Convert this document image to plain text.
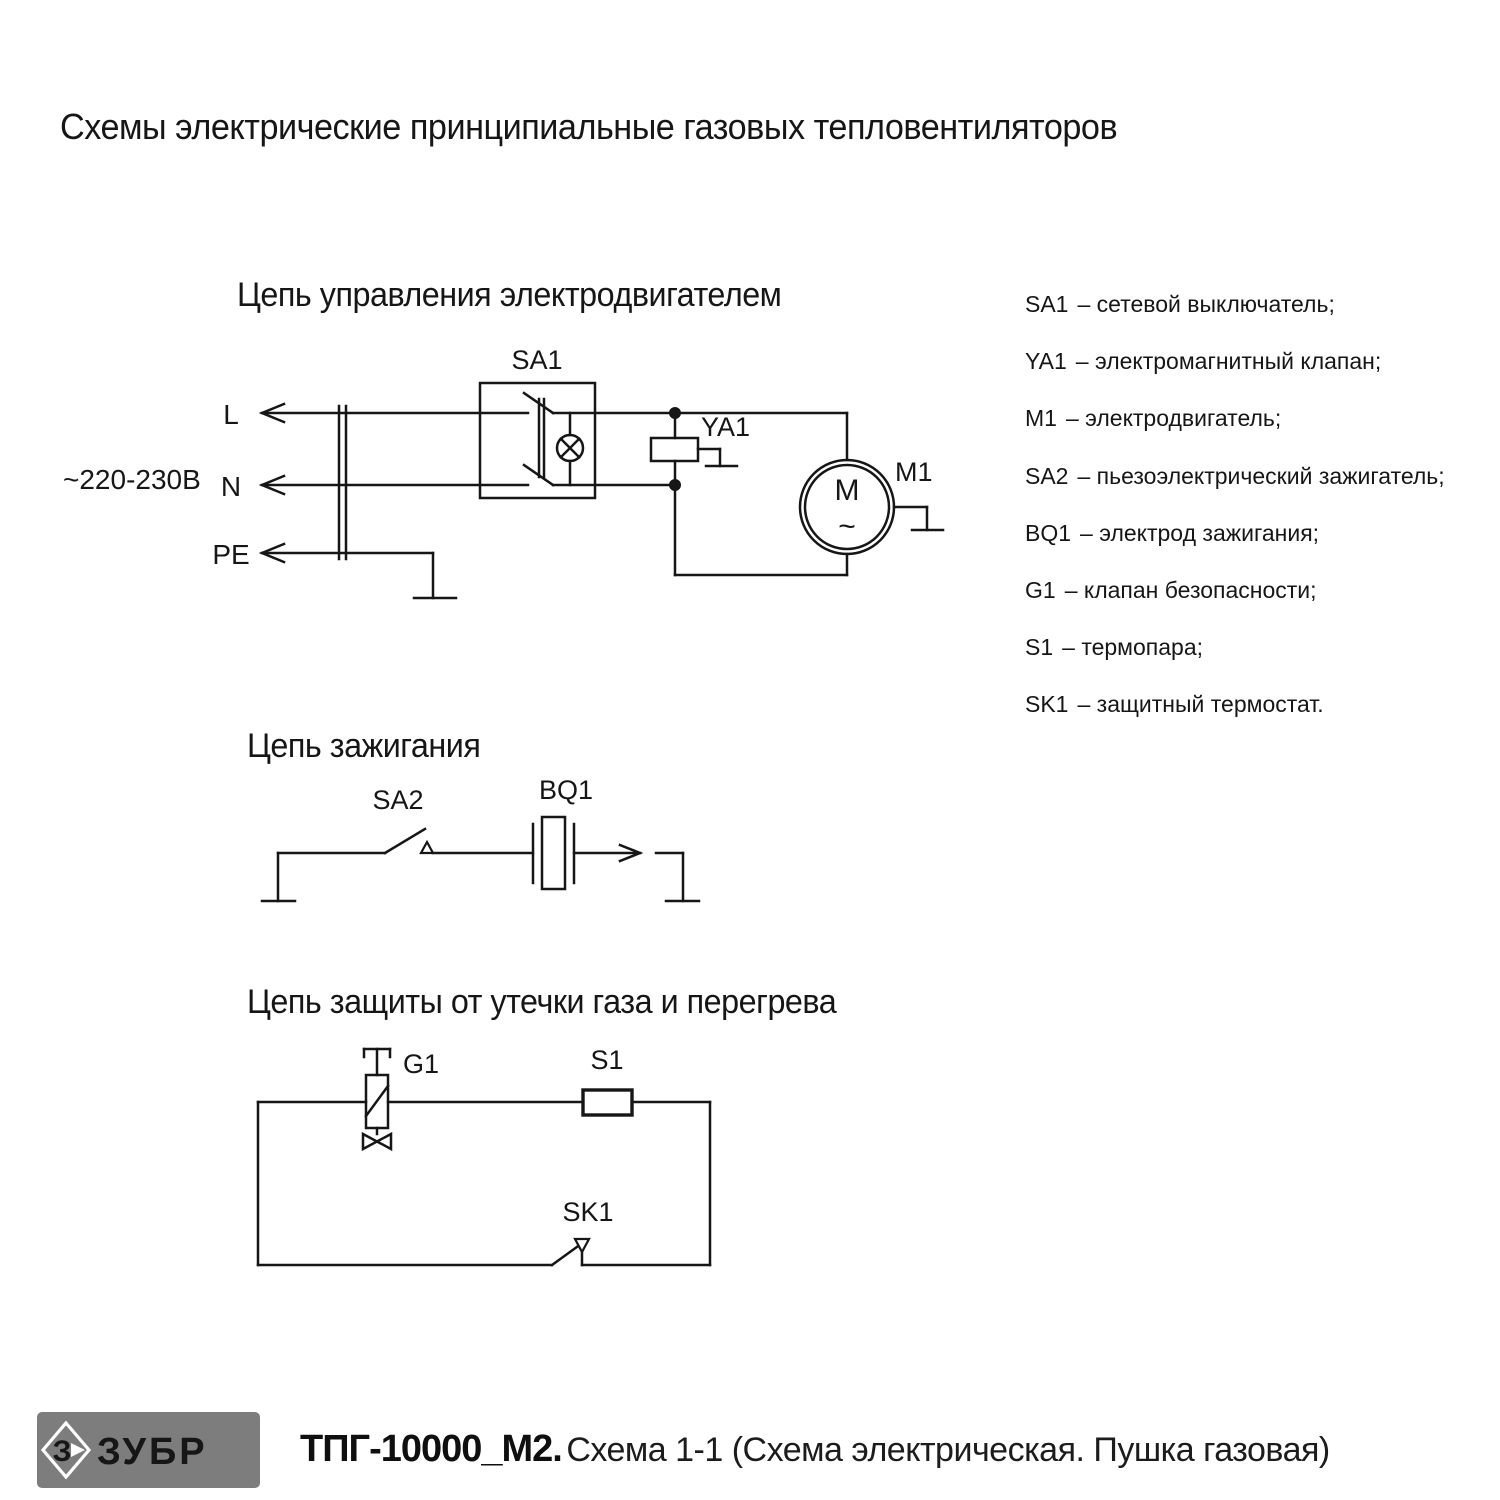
Схемы электрические принципиальные газовых тепловентиляторов
Цепь управления электродвигателем
SA1
YA1
M1
M
~
L
N
PE
~220-230В
SA1 – сетевой выключатель;
YA1 – электромагнитный клапан;
M1 – электродвигатель;
SA2 – пьезоэлектрический зажигатель;
BQ1 – электрод зажигания;
G1 – клапан безопасности;
S1 – термопара;
SK1 – защитный термостат.
Цепь зажигания
SA2	BQ1
Цепь защиты от утечки газа и перегрева
G1	S1
SK1
З ЗУБР ТПГ-10000_М2. Схема 1-1 (Схема электрическая. Пушка газовая)
